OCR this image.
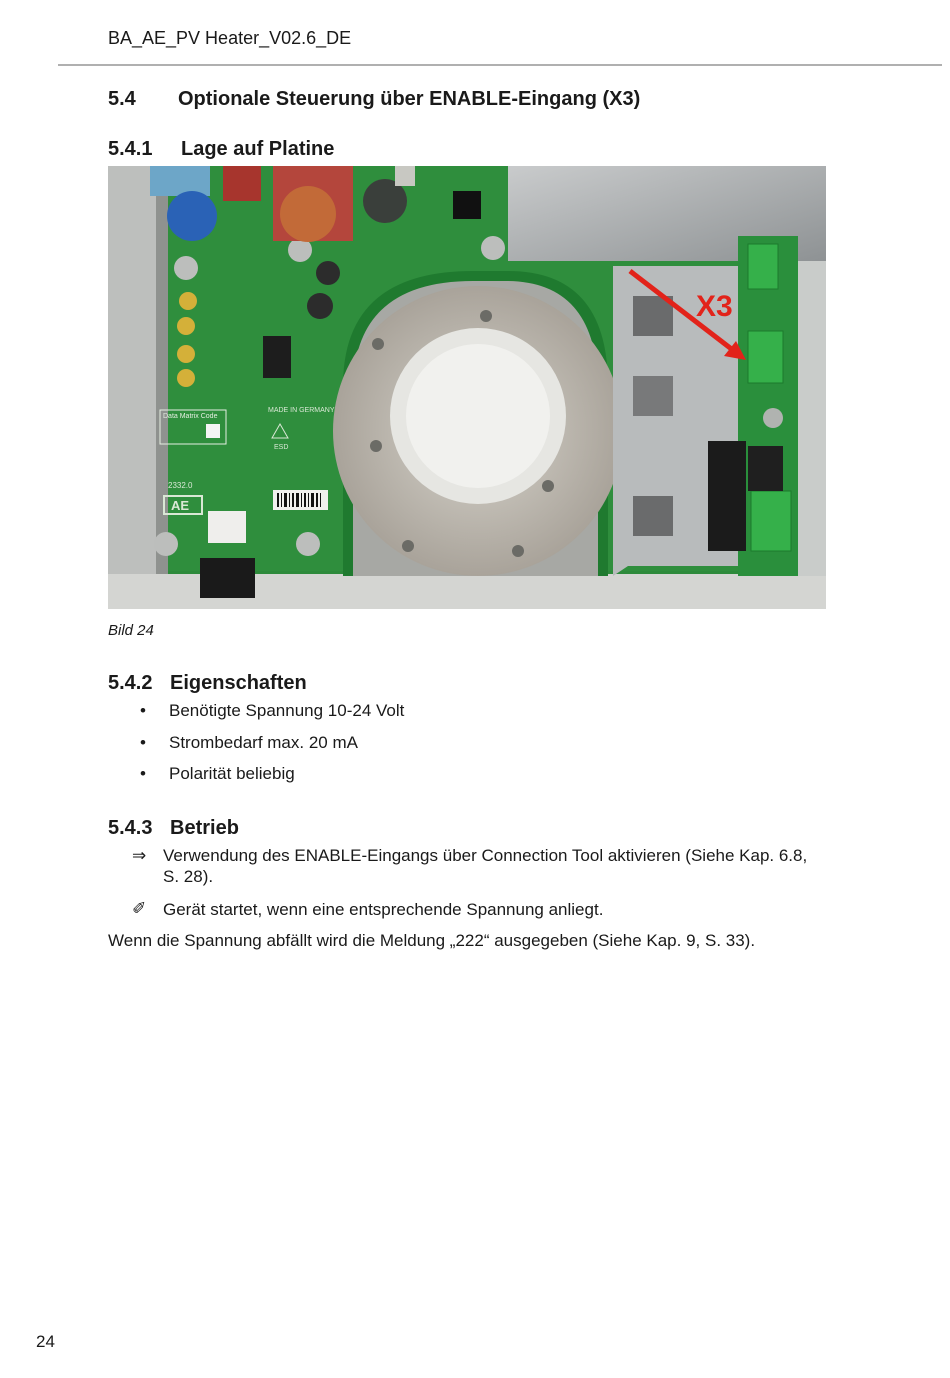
BA_AE_PV Heater_V02.6_DE
5.4 Optionale Steuerung über ENABLE-Eingang (X3)
5.4.1 Lage auf Platine
Data Matrix Code
MADE IN GERMANY
ESD
2332.0
AE
X3
Bild 24
5.4.2 Eigenschaften
• Benötigte Spannung 10-24 Volt
• Strombedarf max. 20 mA
• Polarität beliebig
5.4.3 Betrieb
⇒ Verwendung des ENABLE-Eingangs über Connection Tool aktivieren (Siehe Kap. 6.8,
S. 28).
✐ Gerät startet, wenn eine entsprechende Spannung anliegt.
Wenn die Spannung abfällt wird die Meldung „222“ ausgegeben (Siehe Kap. 9, S. 33).
24
